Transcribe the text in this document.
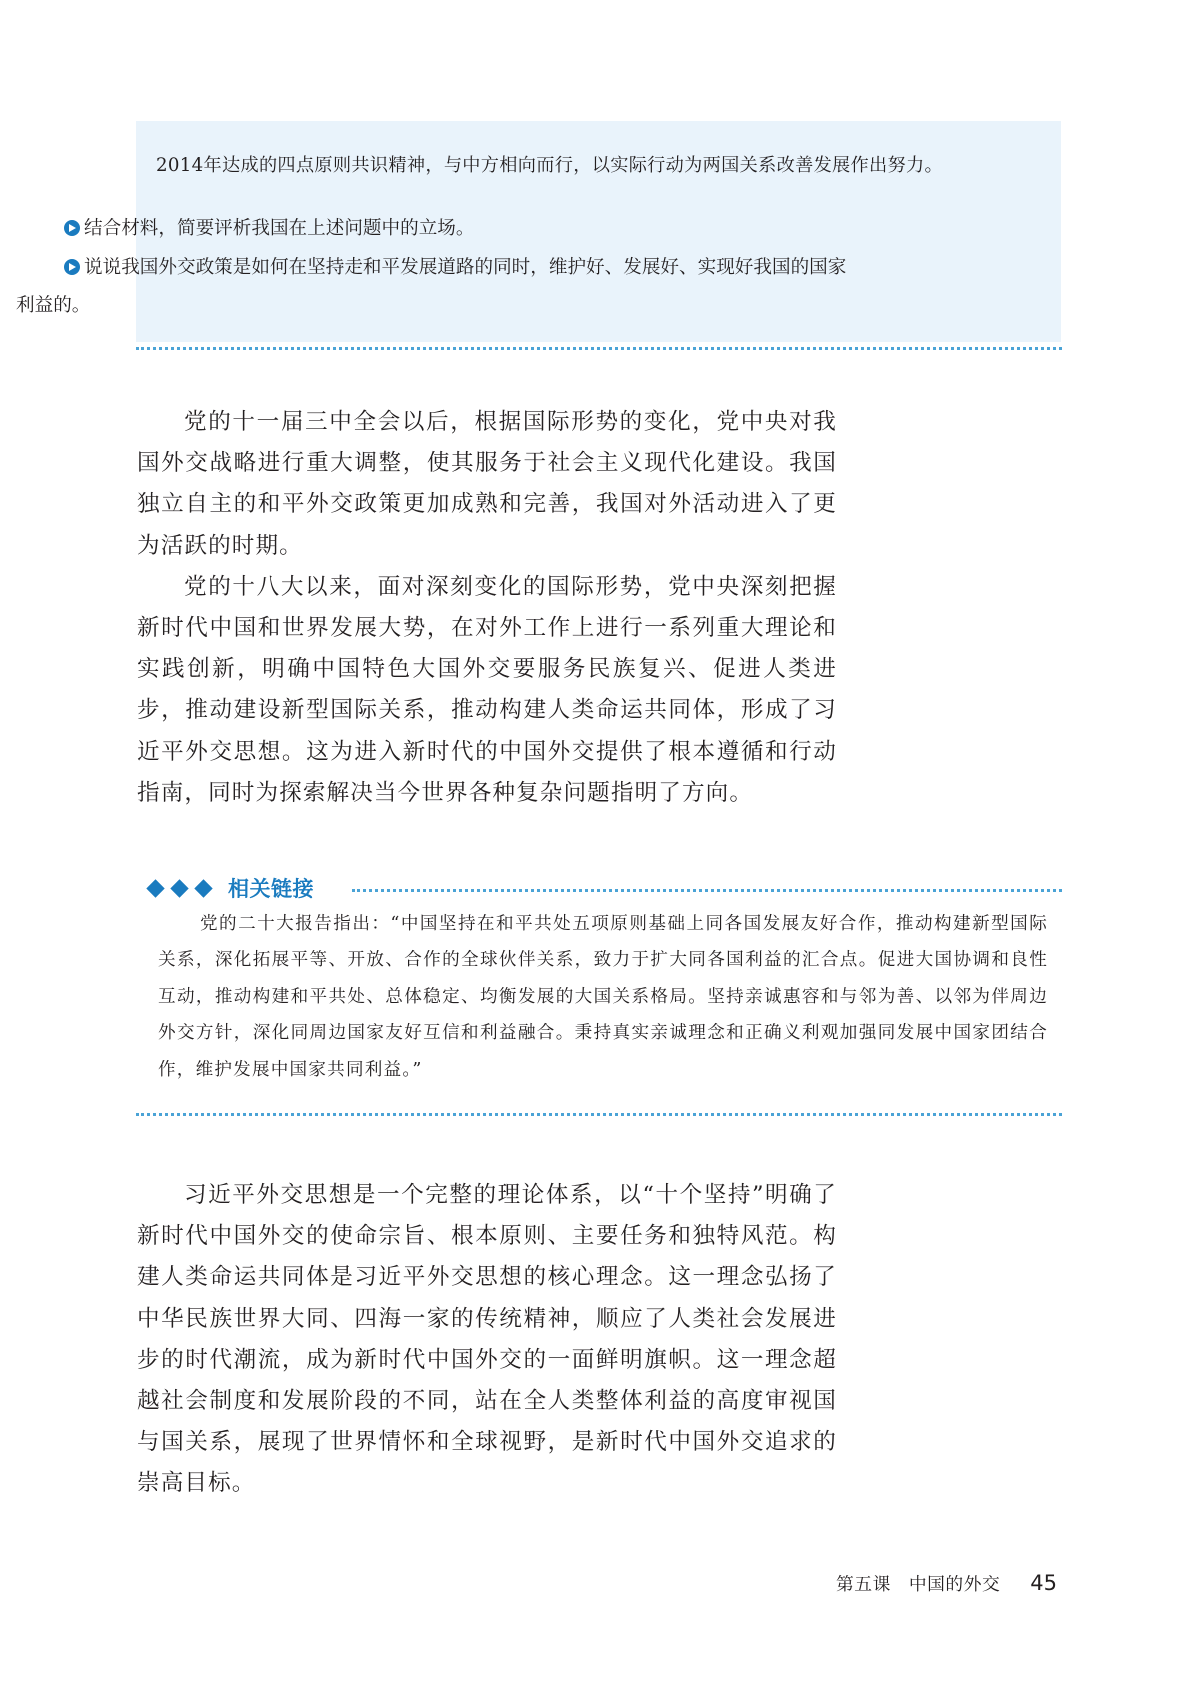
2014年达成的四点原则共识精神，与中方相向而行，以实际行动为两国关系改善发展作出努力。
结合材料，简要评析我国在上述问题中的立场。
说说我国外交政策是如何在坚持走和平发展道路的同时，维护好、发展好、实现好我国的国家
利益的。

党的十一届三中全会以后，根据国际形势的变化，党中央对我国外交战略进行重大调整，使其服务于社会主义现代化建设。我国独立自主的和平外交政策更加成熟和完善，我国对外活动进入了更为活跃的时期。

党的十八大以来，面对深刻变化的国际形势，党中央深刻把握新时代中国和世界发展大势，在对外工作上进行一系列重大理论和实践创新，明确中国特色大国外交要服务民族复兴、促进人类进步，推动建设新型国际关系，推动构建人类命运共同体，形成了习近平外交思想。这为进入新时代的中国外交提供了根本遵循和行动指南，同时为探索解决当今世界各种复杂问题指明了方向。

相关链接

党的二十大报告指出：“中国坚持在和平共处五项原则基础上同各国发展友好合作，推动构建新型国际关系，深化拓展平等、开放、合作的全球伙伴关系，致力于扩大同各国利益的汇合点。促进大国协调和良性互动，推动构建和平共处、总体稳定、均衡发展的大国关系格局。坚持亲诚惠容和与邻为善、以邻为伴周边外交方针，深化同周边国家友好互信和利益融合。秉持真实亲诚理念和正确义利观加强同发展中国家团结合作，维护发展中国家共同利益。”

习近平外交思想是一个完整的理论体系，以“十个坚持”明确了新时代中国外交的使命宗旨、根本原则、主要任务和独特风范。构建人类命运共同体是习近平外交思想的核心理念。这一理念弘扬了中华民族世界大同、四海一家的传统精神，顺应了人类社会发展进步的时代潮流，成为新时代中国外交的一面鲜明旗帜。这一理念超越社会制度和发展阶段的不同，站在全人类整体利益的高度审视国与国关系，展现了世界情怀和全球视野，是新时代中国外交追求的崇高目标。

第五课 中国的外交 45
